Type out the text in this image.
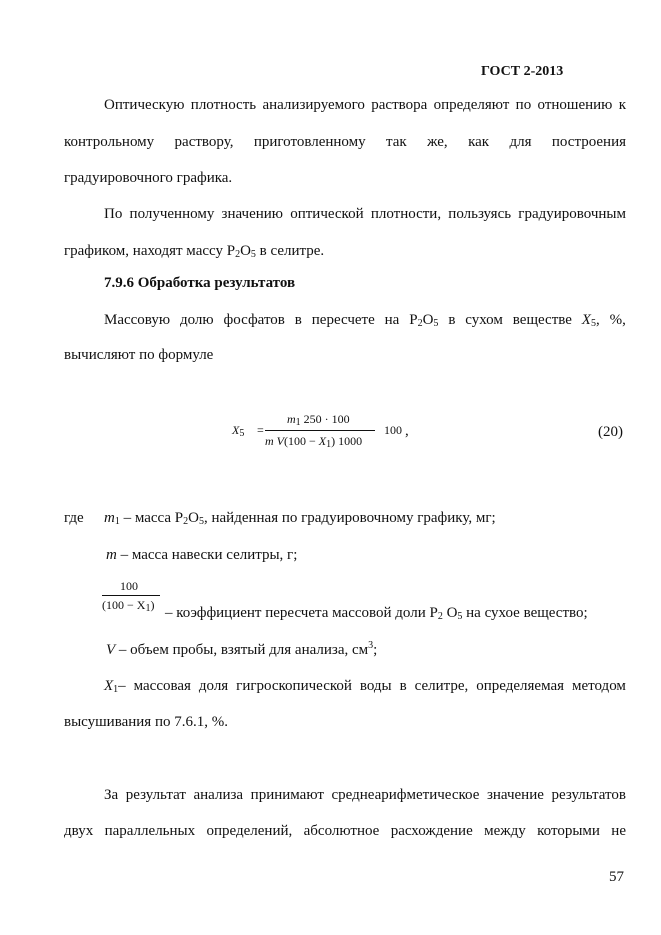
ГОСТ 2-2013
Оптическую плотность анализируемого раствора определяют по отношению к
контрольному раствору, приготовленному так же, как для построения
градуировочного графика.
По полученному значению оптической плотности, пользуясь градуировочным
графиком, находят массу $P_2O_5$ в селитре.
7.9.6 Обработка результатов
Массовую долю фосфатов в пересчете на $P_2O_5$ в сухом веществе $X_5$, %,
вычисляют по формуле
$X_5$ =
$m_1$ 250 · 100
m $V(100 - X_1)$ 1000
100 ,	(20)
где $m_1$ – масса $P_2O_5$, найденная по градуировочному графику, мг;
m – масса навески селитры, г;
100
$(100 - X_1)$ – коэффициент пересчета массовой доли $P_2$ $O_5$ на сухое вещество;
V – объем пробы, взятый для анализа, $см^3$;
$X_1-$ массовая доля гигроскопической воды в селитре, определяемая методом
высушивания по 7.6.1, %.
За результат анализа принимают среднеарифметическое значение результатов
двух параллельных определений, абсолютное расхождение между которыми не
57
